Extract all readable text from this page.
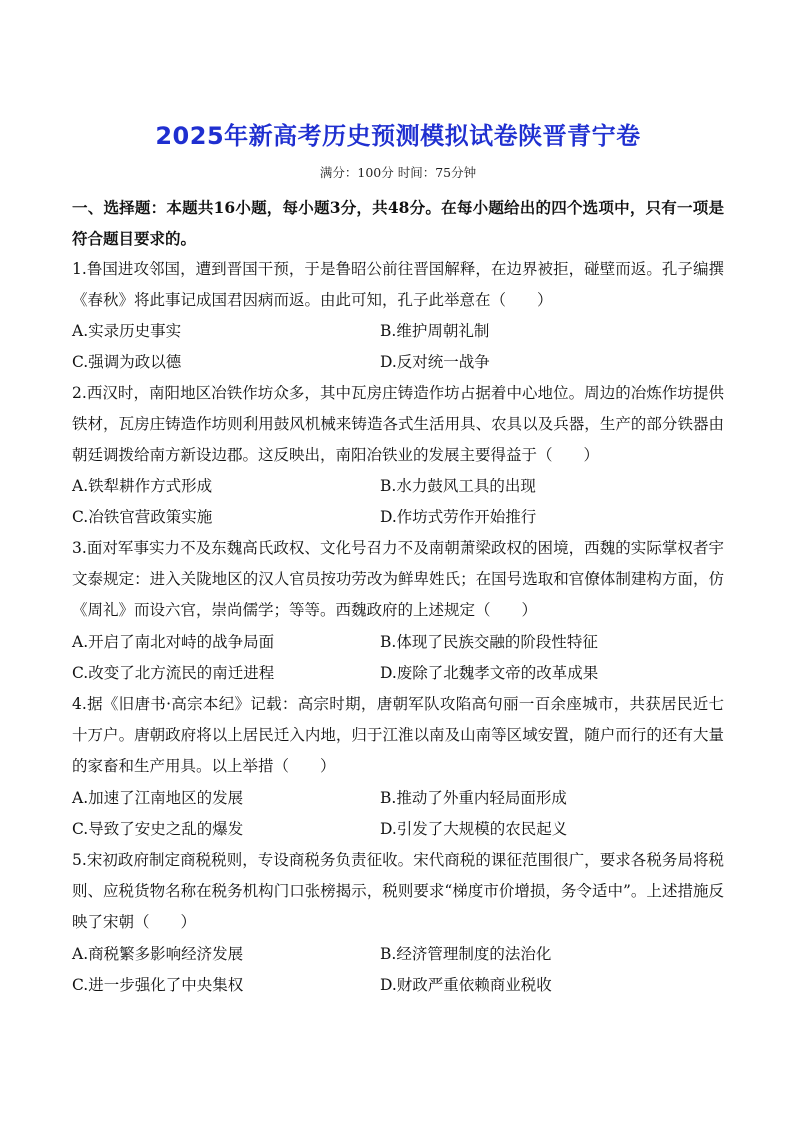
2025年新高考历史预测模拟试卷陕晋青宁卷
满分：100分 时间：75分钟
一、选择题：本题共16小题，每小题3分，共48分。在每小题给出的四个选项中，只有一项是符合题目要求的。
1.鲁国进攻邻国，遭到晋国干预，于是鲁昭公前往晋国解释，在边界被拒，碰壁而返。孔子编撰《春秋》将此事记成国君因病而返。由此可知，孔子此举意在（　　）
A.实录历史事实	B.维护周朝礼制
C.强调为政以德	D.反对统一战争
2.西汉时，南阳地区冶铁作坊众多，其中瓦房庄铸造作坊占据着中心地位。周边的冶炼作坊提供铁材，瓦房庄铸造作坊则利用鼓风机械来铸造各式生活用具、农具以及兵器，生产的部分铁器由朝廷调拨给南方新设边郡。这反映出，南阳冶铁业的发展主要得益于（　　）
A.铁犁耕作方式形成	B.水力鼓风工具的出现
C.冶铁官营政策实施	D.作坊式劳作开始推行
3.面对军事实力不及东魏高氏政权、文化号召力不及南朝萧梁政权的困境，西魏的实际掌权者宇文泰规定：进入关陇地区的汉人官员按功劳改为鲜卑姓氏；在国号选取和官僚体制建构方面，仿《周礼》而设六官，崇尚儒学；等等。西魏政府的上述规定（　　）
A.开启了南北对峙的战争局面	B.体现了民族交融的阶段性特征
C.改变了北方流民的南迁进程	D.废除了北魏孝文帝的改革成果
4.据《旧唐书·高宗本纪》记载：高宗时期，唐朝军队攻陷高句丽一百余座城市，共获居民近七十万户。唐朝政府将以上居民迁入内地，归于江淮以南及山南等区域安置，随户而行的还有大量的家畜和生产用具。以上举措（　　）
A.加速了江南地区的发展	B.推动了外重内轻局面形成
C.导致了安史之乱的爆发	D.引发了大规模的农民起义
5.宋初政府制定商税税则，专设商税务负责征收。宋代商税的课征范围很广，要求各税务局将税则、应税货物名称在税务机构门口张榜揭示，税则要求“梯度市价增损，务令适中”。上述措施反映了宋朝（　　）
A.商税繁多影响经济发展	B.经济管理制度的法治化
C.进一步强化了中央集权	D.财政严重依赖商业税收
